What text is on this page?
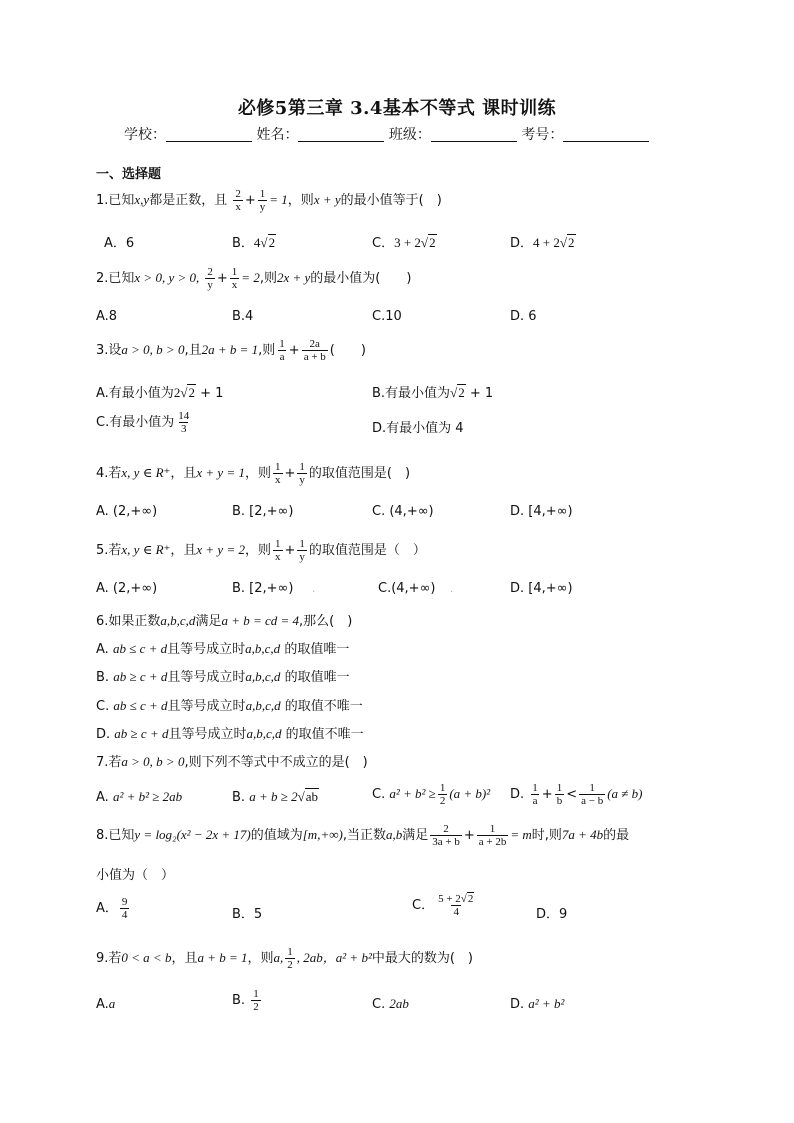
必修5第三章 3.4基本不等式 课时训练
学校：	姓名：	班级：	考号：
一、选择题
1.已知x,y都是正数，且 $\frac{2}{x} + \frac{1}{y} = 1$，则x + y的最小值等于(　)
A．6	B．4√2	C．3 + 2√2	D．4 + 2√2
2.已知x > 0, y > 0, $\frac{2}{y} + \frac{1}{x} = 2$,则2x + y的最小值为(　　)
A.8	B.4	C.10	D. 6
3.设a > 0, b > 0,且2a + b = 1,则 $\frac{1}{a} + \frac{2a}{a + b}$ (　　)
A.有最小值为2√2 + 1	B.有最小值为√2 + 1
C.有最小值为 $\frac{14}{3}$	D.有最小值为 4
4.若x, y ∈ R⁺，且x + y = 1，则 $\frac{1}{x} + \frac{1}{y}$ 的取值范围是(　)
A. (2,+∞)	B. [2,+∞)	C. (4,+∞)	D. [4,+∞)
5.若x, y ∈ R⁺，且x + y = 2，则 $\frac{1}{x} + \frac{1}{y}$ 的取值范围是（　）
A. (2,+∞)	B. [2,+∞) .	C.(4,+∞) .	D. [4,+∞)
6.如果正数a,b,c,d满足a + b = cd = 4,那么(　)
A. ab ≤ c + d且等号成立时a,b,c,d 的取值唯一
B. ab ≥ c + d且等号成立时a,b,c,d 的取值唯一
C. ab ≤ c + d且等号成立时a,b,c,d 的取值不唯一
D. ab ≥ c + d且等号成立时a,b,c,d 的取值不唯一
7.若a > 0, b > 0,则下列不等式中不成立的是(　)
A. a² + b² ≥ 2ab	B. a + b ≥ 2√ab	C. $a^2 + b^2 \ge \frac{1}{2} (a + b)^2$ D. $\frac{1}{a} + \frac{1}{b} < \frac{1}{a - b} (a \ne b)$
8.已知y = log₂(x² − 2x + 17)的值域为[m,+∞),当正数a,b满足 $\frac{2}{3a + b} + \frac{1}{a + 2b} = m$时,则7a + 4b的最
小值为（　）
A． $\frac{9}{4}$	B．5
C． $\frac{5 + 2√2}{4}$	D．9
9.若0 < a < b，且a + b = 1，则a, $\frac{1}{2}$ , 2ab，a² + b²中最大的数为(　)
A.a	B. $\frac{1}{2}$	C. 2ab	D. a² + b²
